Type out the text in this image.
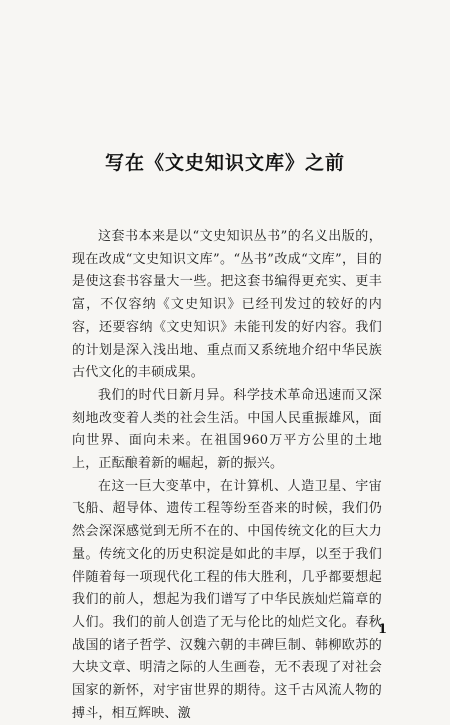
写在《文史知识文库》之前

这套书本来是以“文史知识丛书”的名义出版的，现在改成“文史知识文库”。“丛书”改成“文库”，目的是使这套书容量大一些。把这套书编得更充实、更丰富，不仅容纳《文史知识》已经刊发过的较好的内容，还要容纳《文史知识》未能刊发的好内容。我们的计划是深入浅出地、重点而又系统地介绍中华民族古代文化的丰硕成果。

我们的时代日新月异。科学技术革命迅速而又深刻地改变着人类的社会生活。中国人民重振雄风，面向世界、面向未来。在祖国960万平方公里的土地上，正酝酿着新的崛起，新的振兴。

在这一巨大变革中，在计算机、人造卫星、宇宙飞船、超导体、遗传工程等纷至沓来的时候，我们仍然会深深感觉到无所不在的、中国传统文化的巨大力量。传统文化的历史积淀是如此的丰厚，以至于我们伴随着每一项现代化工程的伟大胜利，几乎都要想起我们的前人，想起为我们谱写了中华民族灿烂篇章的人们。我们的前人创造了无与伦比的灿烂文化。春秋战国的诸子哲学、汉魏六朝的丰碑巨制、韩柳欧苏的大块文章、明清之际的人生画卷，无不表现了对社会国家的新怀，对宇宙世界的期待。这千古风流人物的搏斗，相互辉映、激

1
